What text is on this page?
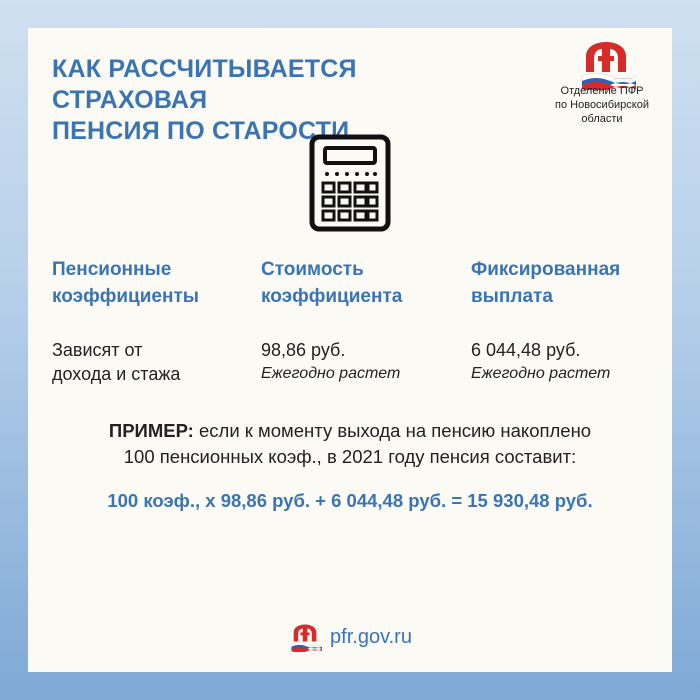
КАК РАССЧИТЫВАЕТСЯ СТРАХОВАЯ
ПЕНСИЯ ПО СТАРОСТИ
Отделение ПФР
по Новосибирской
области
Пенсионные
коэффициенты
Зависят от
дохода и стажа
Стоимость
коэффициента
98,86 руб.
Ежегодно растет
Фиксированная
выплата
6 044,48 руб.
Ежегодно растет
ПРИМЕР: если к моменту выхода на пенсию накоплено
100 пенсионных коэф., в 2021 году пенсия составит:
100 коэф., х 98,86 руб. + 6 044,48 руб. = 15 930,48 руб.
pfr.gov.ru
